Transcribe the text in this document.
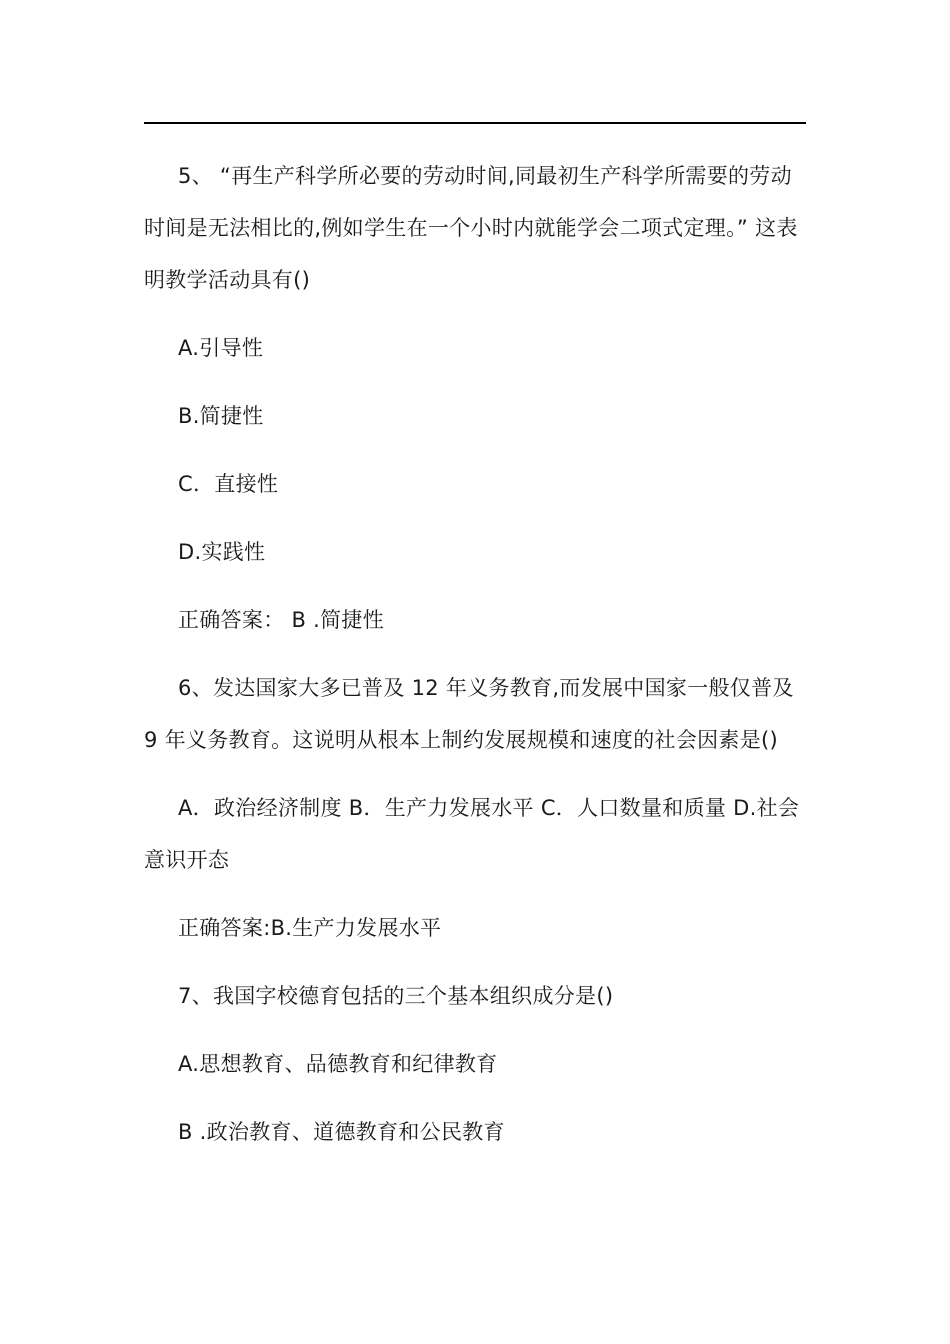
5、 “再生产科学所必要的劳动时间,同最初生产科学所需要的劳动时间是无法相比的,例如学生在一个小时内就能学会二项式定理。” 这表明教学活动具有()

A.引导性

B.简捷性

C．直接性

D.实践性

正确答案： B .简捷性

6、发达国家大多已普及 12 年义务教育,而发展中国家一般仅普及 9 年义务教育。这说明从根本上制约发展规模和速度的社会因素是()

A．政治经济制度 B．生产力发展水平 C．人口数量和质量 D.社会意识开态

正确答案:B.生产力发展水平

7、我国字校德育包括的三个基本组织成分是()

A.思想教育、品德教育和纪律教育

B .政治教育、道德教育和公民教育
